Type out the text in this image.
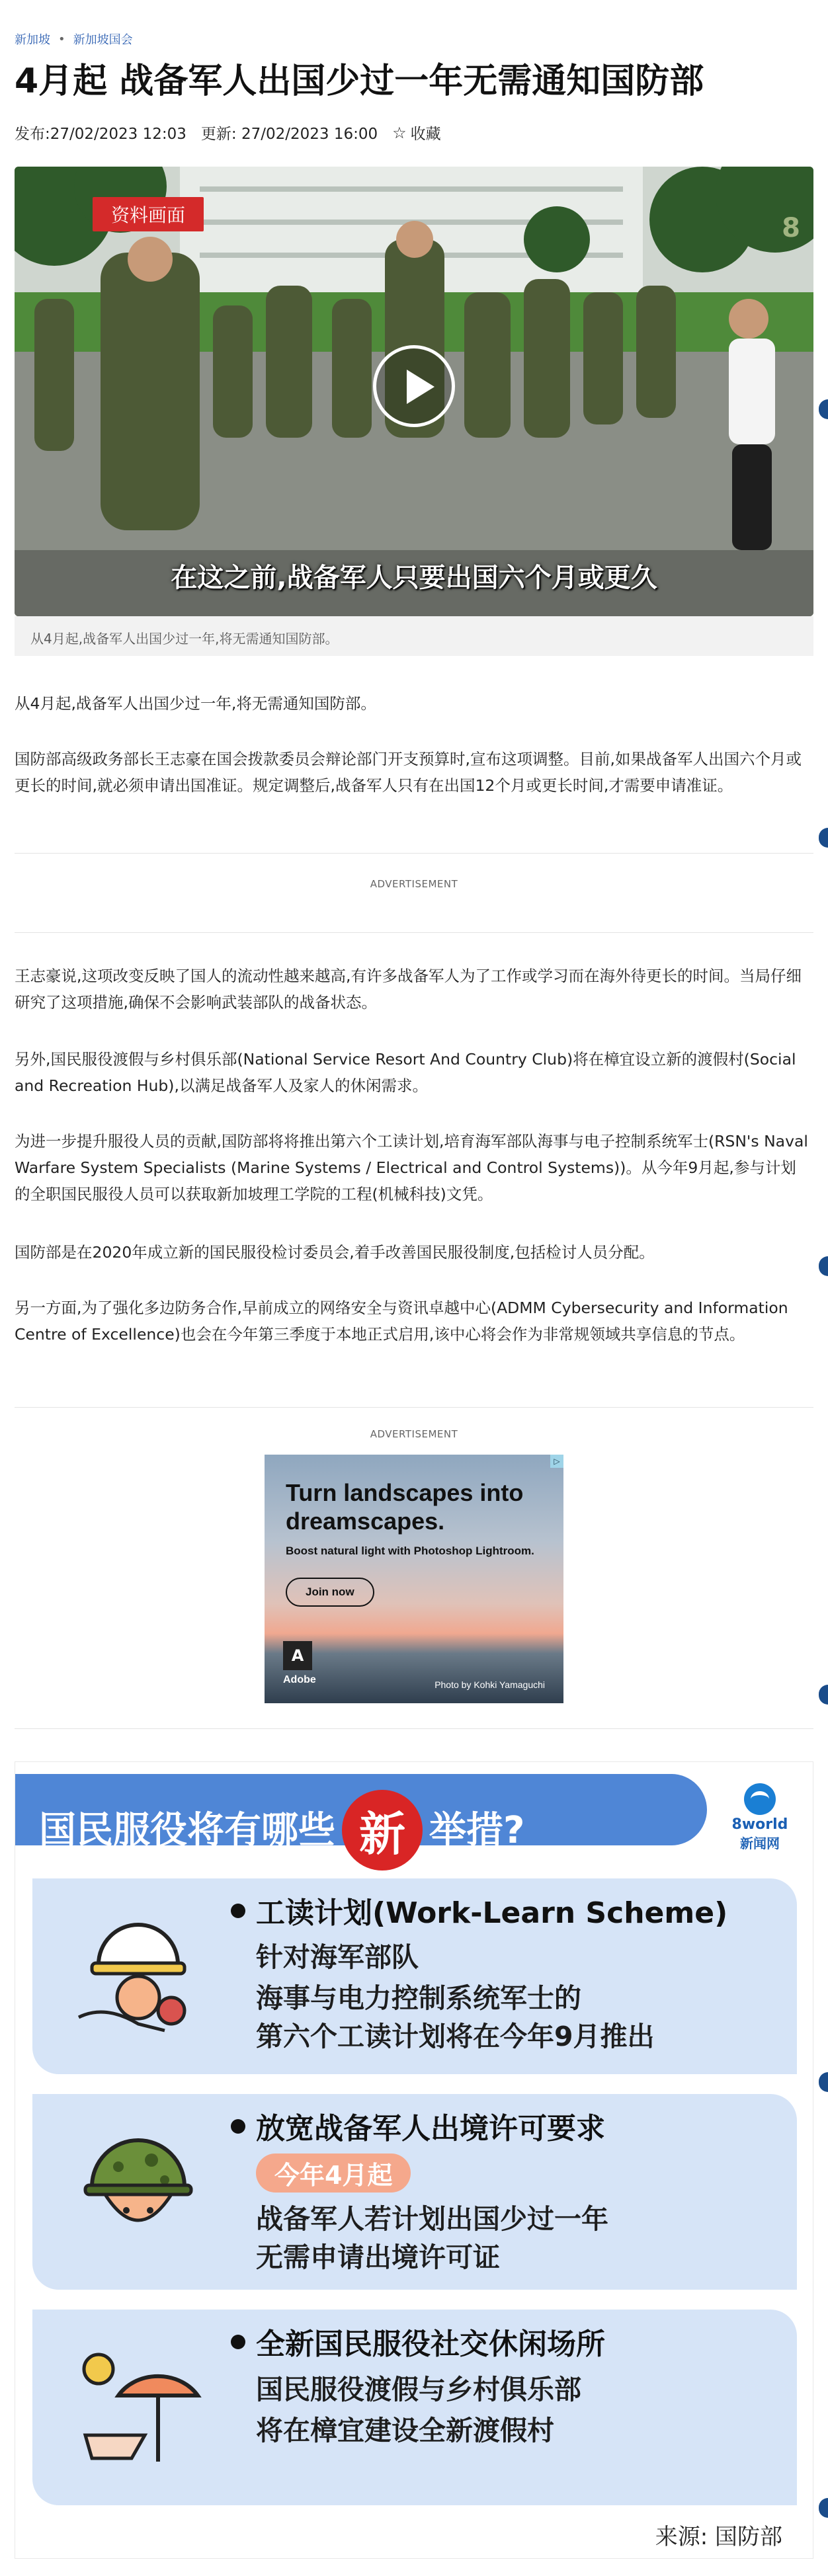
新加坡 • 新加坡国会
4月起 战备军人出国少过一年无需通知国防部
发布:27/02/2023 12:03 更新: 27/02/2023 16:00 ☆ 收藏
资料画面	8
在这之前,战备军人只要出国六个月或更久
从4月起,战备军人出国少过一年,将无需通知国防部。

从4月起,战备军人出国少过一年,将无需通知国防部。

国防部高级政务部长王志豪在国会拨款委员会辩论部门开支预算时,宣布这项调整。目前,如果战备军人出国六个月或更长的时间,就必须申请出国准证。规定调整后,战备军人只有在出国12个月或更长时间,才需要申请准证。

ADVERTISEMENT

王志豪说,这项改变反映了国人的流动性越来越高,有许多战备军人为了工作或学习而在海外待更长的时间。当局仔细研究了这项措施,确保不会影响武装部队的战备状态。

另外,国民服役渡假与乡村俱乐部(National Service Resort And Country Club)将在樟宜设立新的渡假村(Social and Recreation Hub),以满足战备军人及家人的休闲需求。

为进一步提升服役人员的贡献,国防部将将推出第六个工读计划,培育海军部队海事与电子控制系统军士(RSN's Naval Warfare System Specialists (Marine Systems / Electrical and Control Systems))。从今年9月起,参与计划的全职国民服役人员可以获取新加坡理工学院的工程(机械科技)文凭。

国防部是在2020年成立新的国民服役检讨委员会,着手改善国民服役制度,包括检讨人员分配。

另一方面,为了强化多边防务合作,早前成立的网络安全与资讯卓越中心(ADMM Cybersecurity and Information Centre of Excellence)也会在今年第三季度于本地正式启用,该中心将会作为非常规领域共享信息的节点。

ADVERTISEMENT
▷
Turn landscapes into dreamscapes.
Boost natural light with Photoshop Lightroom.
Join now
A
Adobe	Photo by Kohki Yamaguchi
国民服役将有哪些 新 举措?	8world
新闻网
工读计划(Work-Learn Scheme)
针对海军部队
海事与电力控制系统军士的
第六个工读计划将在今年9月推出
放宽战备军人出境许可要求
今年4月起
战备军人若计划出国少过一年
无需申请出境许可证
全新国民服役社交休闲场所
国民服役渡假与乡村俱乐部
将在樟宜建设全新渡假村
来源: 国防部
